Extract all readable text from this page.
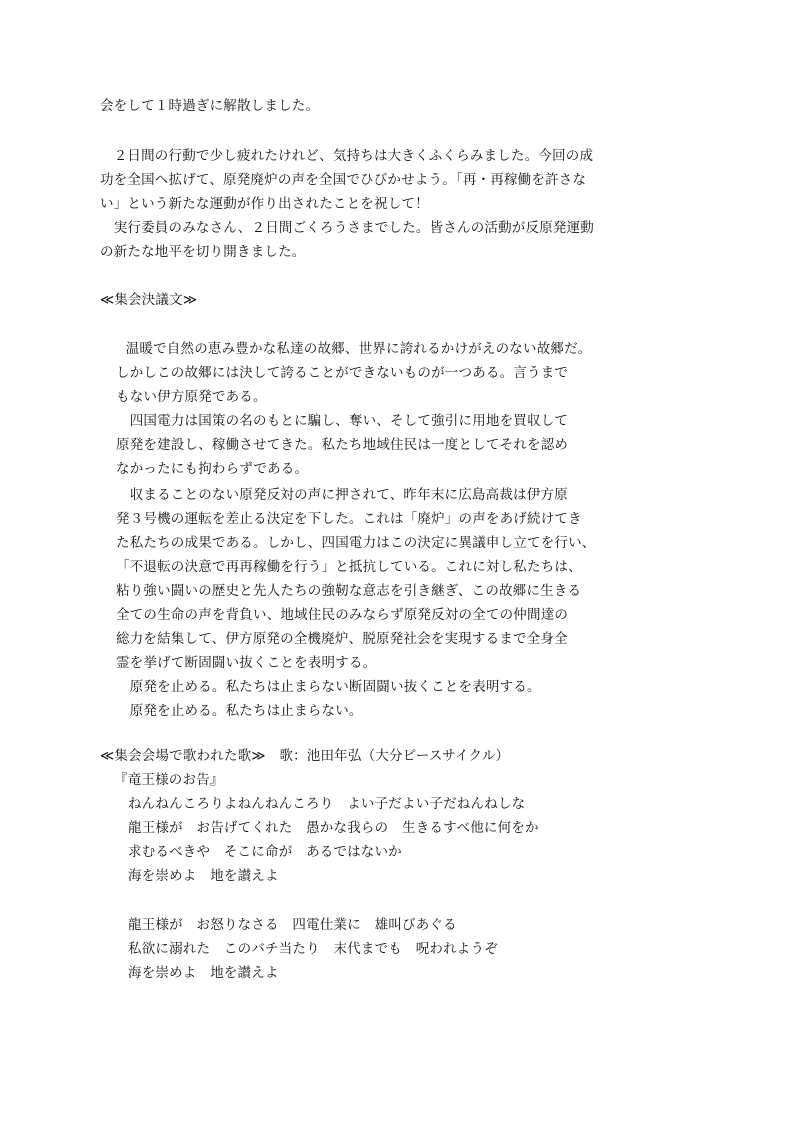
会をして１時過ぎに解散しました。
　２日間の行動で少し疲れたけれど、気持ちは大きくふくらみました。今回の成
功を全国へ拡げて、原発廃炉の声を全国でひびかせよう。「再・再稼働を許さな
い」という新たな運動が作り出されたことを祝して！
　実行委員のみなさん、２日間ごくろうさまでした。皆さんの活動が反原発運動
の新たな地平を切り開きました。
≪集会決議文≫
　温暖で自然の恵み豊かな私達の故郷、世界に誇れるかけがえのない故郷だ。
しかしこの故郷には決して誇ることができないものが一つある。言うまで
もない伊方原発である。
　四国電力は国策の名のもとに騙し、奪い、そして強引に用地を買収して
原発を建設し、稼働させてきた。私たち地域住民は一度としてそれを認め
なかったにも拘わらずである。
　収まることのない原発反対の声に押されて、昨年末に広島高裁は伊方原
発３号機の運転を差止る決定を下した。これは「廃炉」の声をあげ続けてき
た私たちの成果である。しかし、四国電力はこの決定に異議申し立てを行い、
「不退転の決意で再再稼働を行う」と抵抗している。これに対し私たちは、
粘り強い闘いの歴史と先人たちの強靭な意志を引き継ぎ、この故郷に生きる
全ての生命の声を背負い、地域住民のみならず原発反対の全ての仲間達の
総力を結集して、伊方原発の全機廃炉、脱原発社会を実現するまで全身全
霊を挙げて断固闘い抜くことを表明する。
　原発を止める。私たちは止まらない断固闘い抜くことを表明する。
　原発を止める。私たちは止まらない。
≪集会会場で歌われた歌≫　歌：池田年弘（大分ピースサイクル）
『竜王様のお告』
ねんねんころりよねんねんころり　よい子だよい子だねんねしな
龍王様が　お告げてくれた　愚かな我らの　生きるすべ他に何をか
求むるべきや　そこに命が　あるではないか
海を崇めよ　地を讃えよ
龍王様が　お怒りなさる　四電仕業に　雄叫びあぐる
私欲に溺れた　このバチ当たり　末代までも　呪われようぞ
海を崇めよ　地を讃えよ
